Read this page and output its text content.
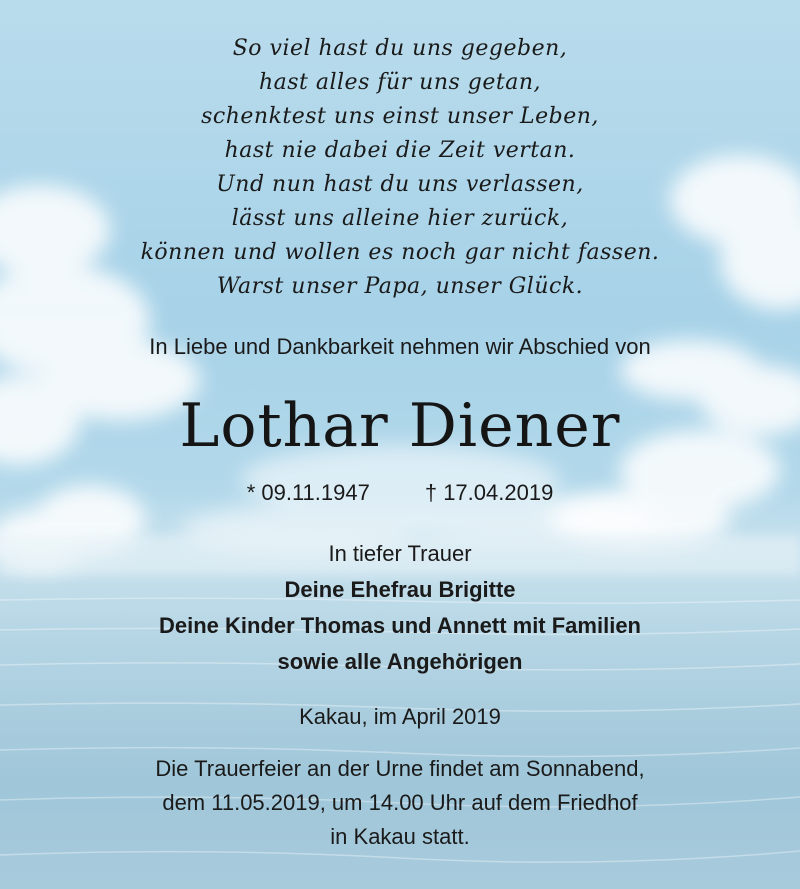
So viel hast du uns gegeben,
hast alles für uns getan,
schenktest uns einst unser Leben,
hast nie dabei die Zeit vertan.
Und nun hast du uns verlassen,
lässt uns alleine hier zurück,
können und wollen es noch gar nicht fassen.
Warst unser Papa, unser Glück.
In Liebe und Dankbarkeit nehmen wir Abschied von
Lothar Diener
* 09.11.1947	† 17.04.2019
In tiefer Trauer
Deine Ehefrau Brigitte
Deine Kinder Thomas und Annett mit Familien
sowie alle Angehörigen
Kakau, im April 2019
Die Trauerfeier an der Urne findet am Sonnabend,
dem 11.05.2019, um 14.00 Uhr auf dem Friedhof
in Kakau statt.
